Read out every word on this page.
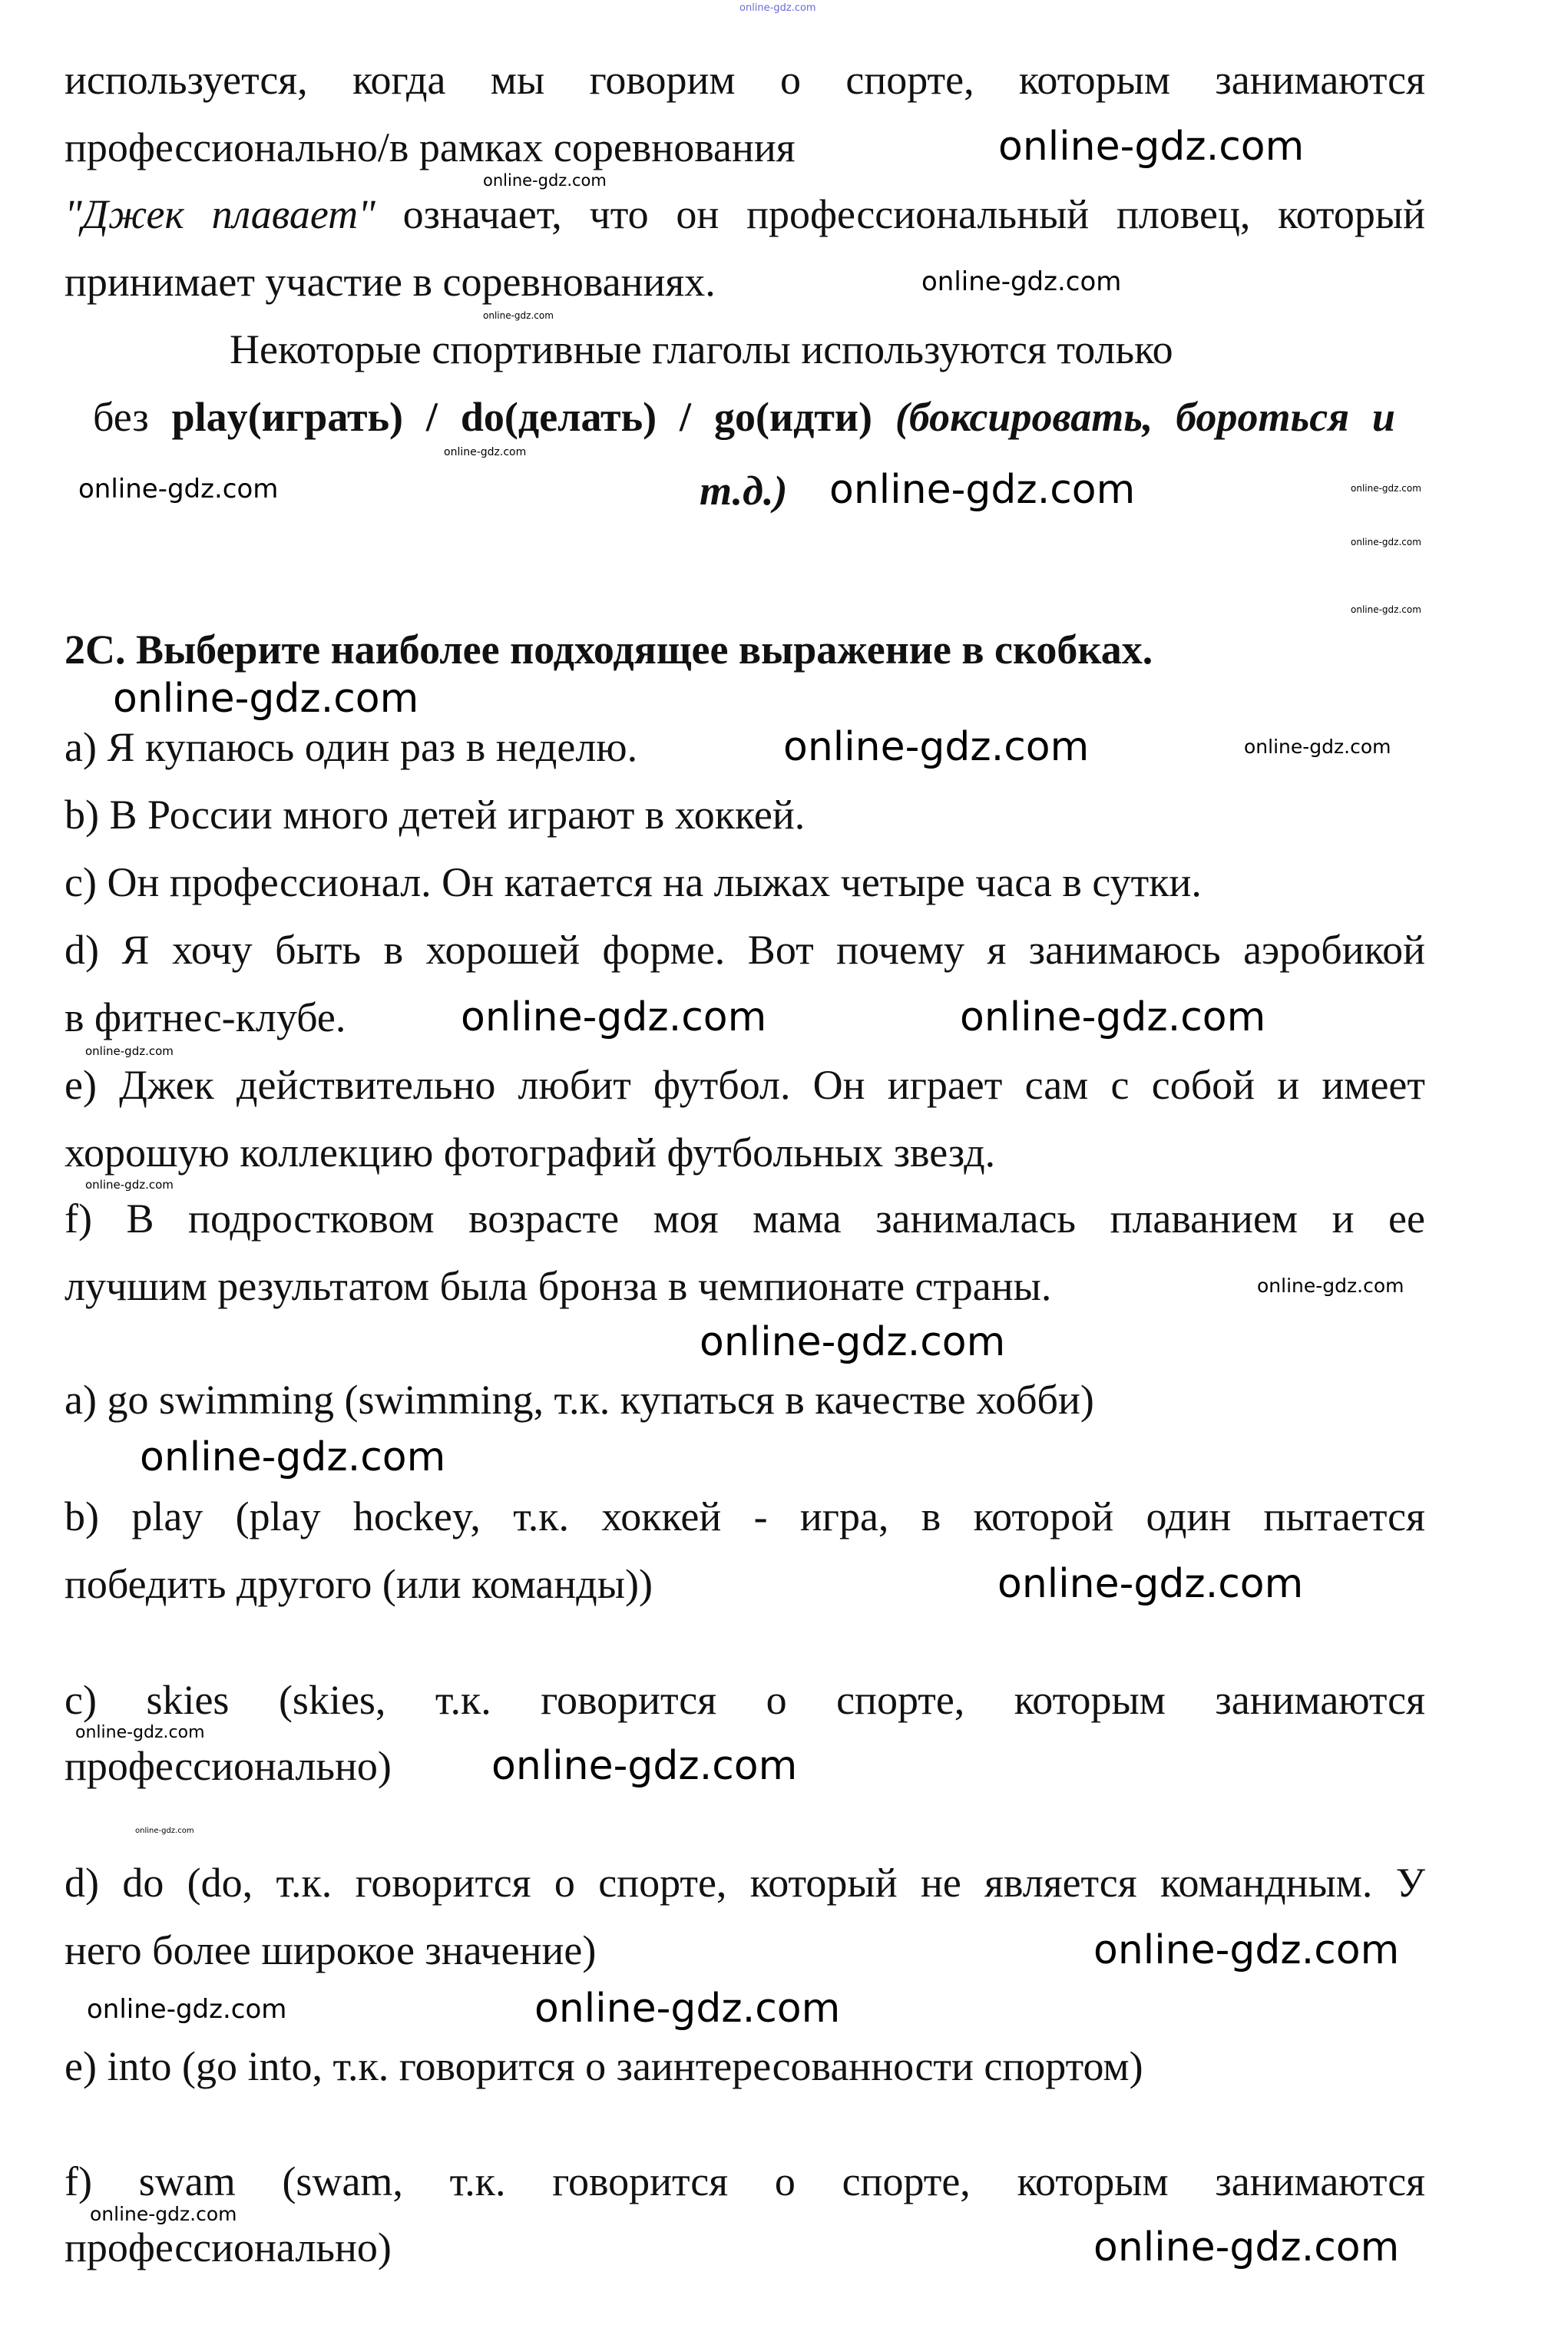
online-gdz.com
используется, когда мы говорим о спорте, которым занимаются
профессионально/в рамках соревнования
"Джек плавает" означает, что он профессиональный пловец, который
принимает участие в соревнованиях.
Некоторые спортивные глаголы используются только
без play(играть) / do(делать) / go(идти) (боксировать, бороться и
т.д.)
2C. Выберите наиболее подходящее выражение в скобках.
a) Я купаюсь один раз в неделю.
b) В России много детей играют в хоккей.
c) Он профессионал. Он катается на лыжах четыре часа в сутки.
d) Я хочу быть в хорошей форме. Вот почему я занимаюсь аэробикой
в фитнес-клубе.
e) Джек действительно любит футбол. Он играет сам с собой и имеет
хорошую коллекцию фотографий футбольных звезд.
f) В подростковом возрасте моя мама занималась плаванием и ее
лучшим результатом была бронза в чемпионате страны.
a) go swimming (swimming, т.к. купаться в качестве хобби)
b) play (play hockey, т.к. хоккей - игра, в которой один пытается
победить другого (или команды))
c) skies (skies, т.к. говорится о спорте, которым занимаются
профессионально)
d) do (do, т.к. говорится о спорте, который не является командным. У
него более широкое значение)
e) into (go into, т.к. говорится о заинтересованности спортом)
f) swam (swam, т.к. говорится о спорте, которым занимаются
профессионально)
online-gdz.com
online-gdz.com
online-gdz.com
online-gdz.com
online-gdz.com	online-gdz.com
online-gdz.com
online-gdz.com
online-gdz.com
online-gdz.com
online-gdz.com
online-gdz.com
online-gdz.com
online-gdz.com
online-gdz.com
online-gdz.com
online-gdz.com
online-gdz.com
online-gdz.com
online-gdz.com
online-gdz.com
online-gdz.com
online-gdz.com
online-gdz.com
online-gdz.com
online-gdz.com
online-gdz.com
online-gdz.com
online-gdz.com
